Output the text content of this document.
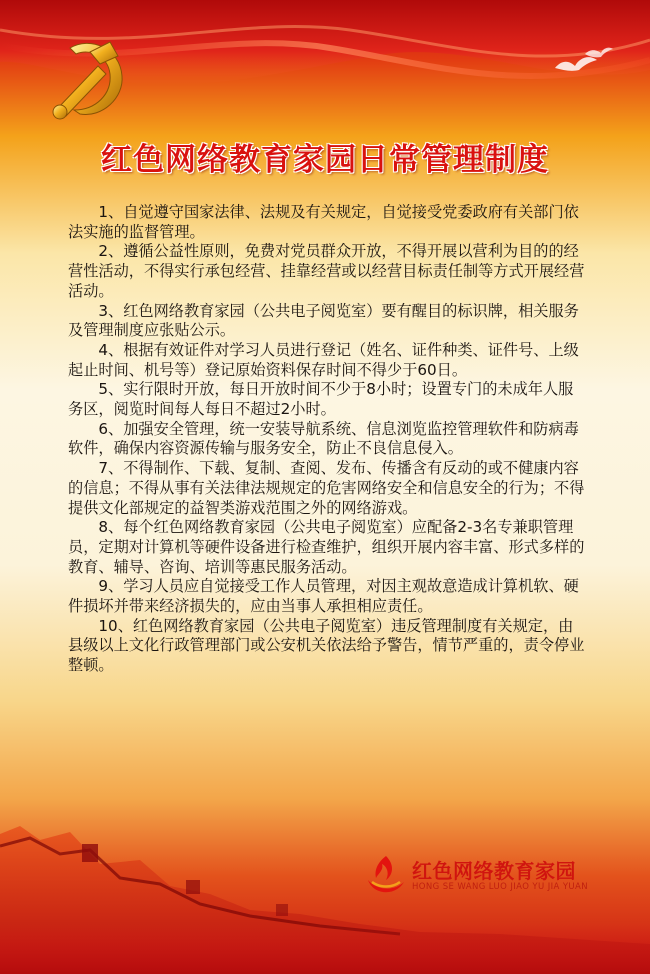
红色网络教育家园日常管理制度

1、自觉遵守国家法律、法规及有关规定，自觉接受党委政府有关部门依法实施的监督管理。

2、遵循公益性原则，免费对党员群众开放，不得开展以营利为目的的经营性活动，不得实行承包经营、挂靠经营或以经营目标责任制等方式开展经营活动。

3、红色网络教育家园（公共电子阅览室）要有醒目的标识牌，相关服务及管理制度应张贴公示。

4、根据有效证件对学习人员进行登记（姓名、证件种类、证件号、上级起止时间、机号等）登记原始资料保存时间不得少于60日。

5、实行限时开放，每日开放时间不少于8小时；设置专门的未成年人服务区，阅览时间每人每日不超过2小时。

6、加强安全管理，统一安装导航系统、信息浏览监控管理软件和防病毒软件，确保内容资源传输与服务安全，防止不良信息侵入。

7、不得制作、下载、复制、查阅、发布、传播含有反动的或不健康内容的信息；不得从事有关法律法规规定的危害网络安全和信息安全的行为；不得提供文化部规定的益智类游戏范围之外的网络游戏。

8、每个红色网络教育家园（公共电子阅览室）应配备2-3名专兼职管理员，定期对计算机等硬件设备进行检查维护，组织开展内容丰富、形式多样的教育、辅导、咨询、培训等惠民服务活动。

9、学习人员应自觉接受工作人员管理，对因主观故意造成计算机软、硬件损坏并带来经济损失的，应由当事人承担相应责任。

10、红色网络教育家园（公共电子阅览室）违反管理制度有关规定，由县级以上文化行政管理部门或公安机关依法给予警告，情节严重的，责令停业整顿。

红色网络教育家园
HONG SE WANG LUO JIAO YU JIA YUAN
